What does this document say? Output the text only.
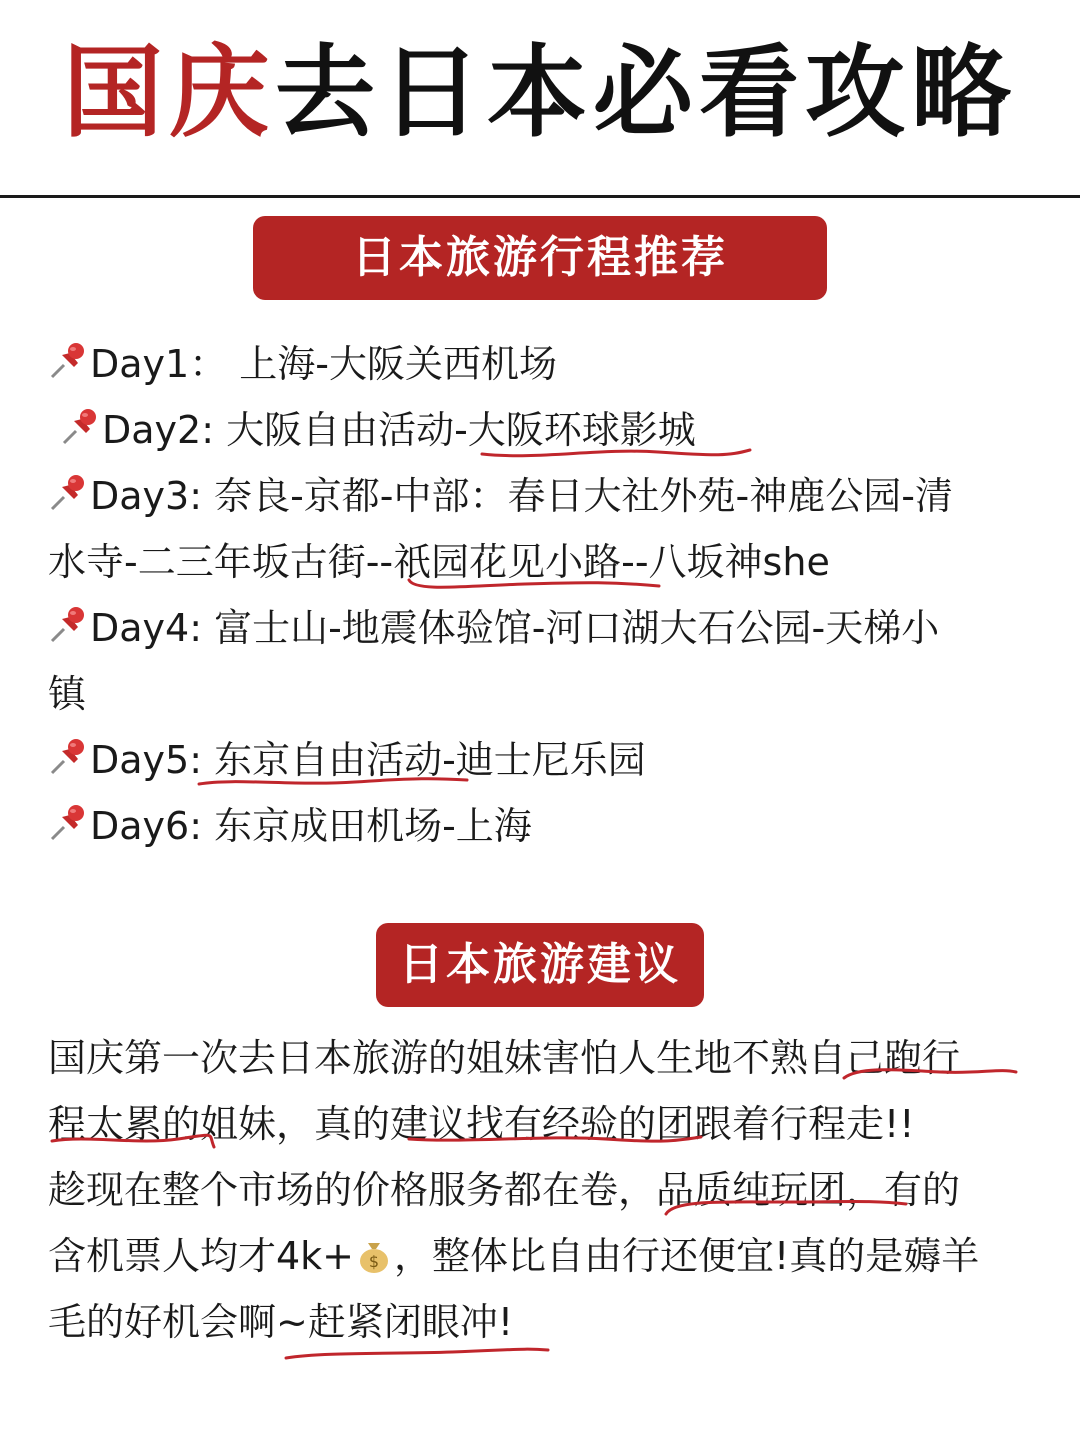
国庆去日本必看攻略
日本旅游行程推荐
Day1： 上海-大阪关西机场
Day2: 大阪自由活动-大阪环球影城
Day3: 奈良-京都-中部：春日大社外苑-神鹿公园-清
水寺-二三年坂古街--祇园花见小路--八坂神she
Day4: 富士山-地震体验馆-河口湖大石公园-天梯小
镇
Day5: 东京自由活动-迪士尼乐园
Day6: 东京成田机场-上海
日本旅游建议
国庆第一次去日本旅游的姐妹害怕人生地不熟自己跑行
程太累的姐妹，真的建议找有经验的团跟着行程走!!
趁现在整个市场的价格服务都在卷，品质纯玩团，有的
含机票人均才4k+ $ ，整体比自由行还便宜!真的是薅羊
毛的好机会啊~赶紧闭眼冲!
